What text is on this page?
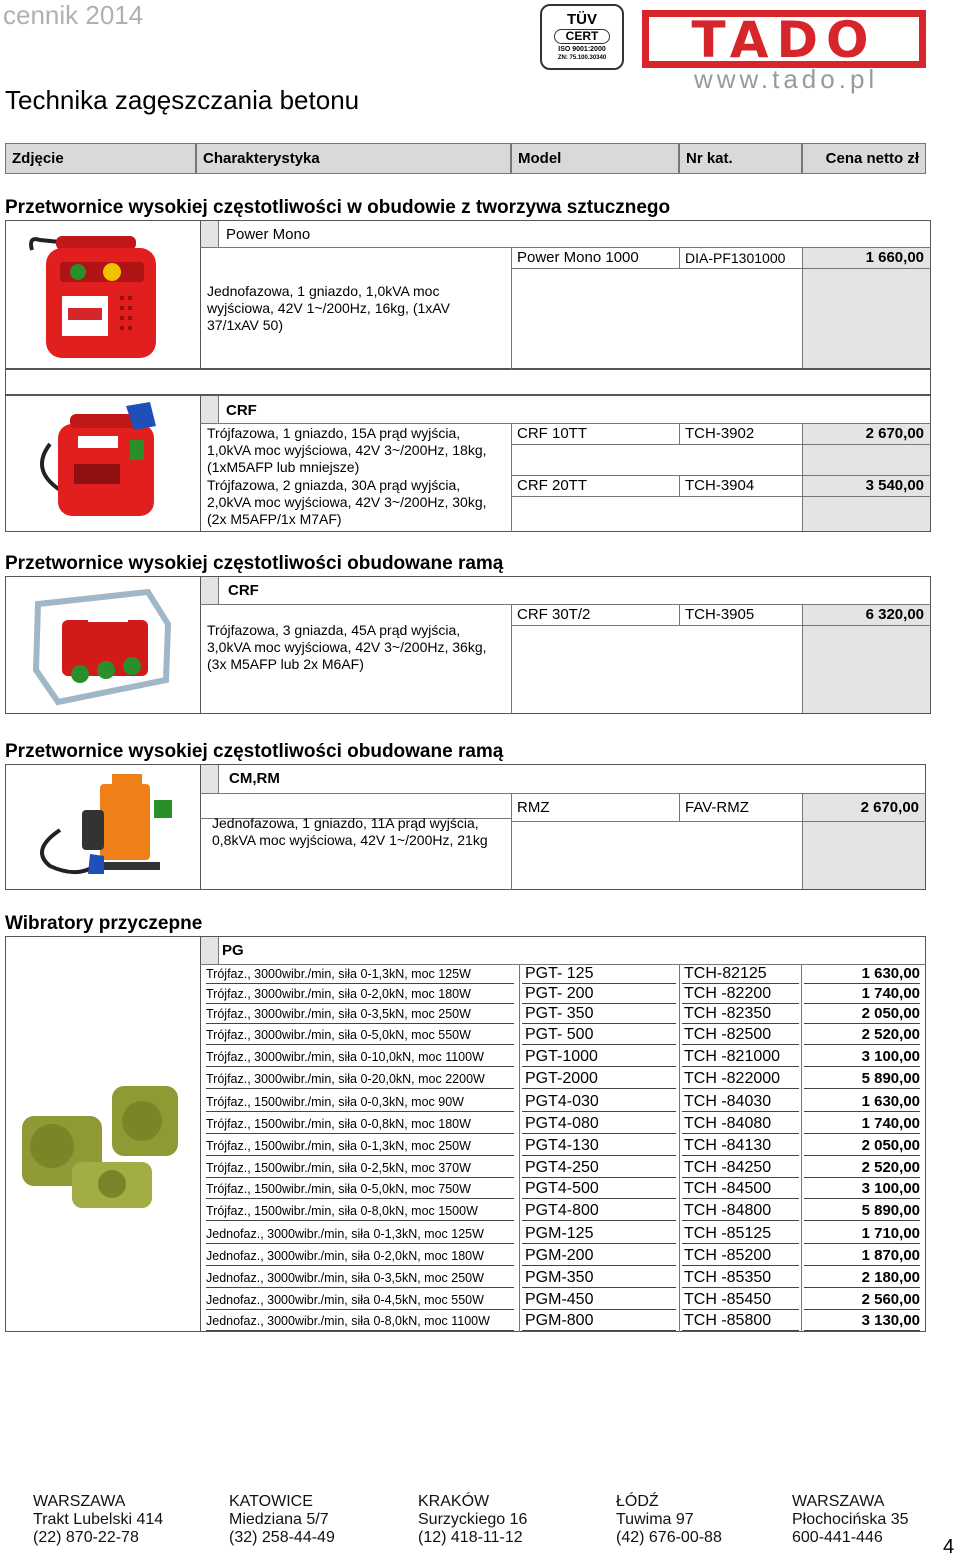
cennik 2014
Technika zagęszczania betonu
TÜV
CERT
ISO 9001:2000
ZN: 75.100.30340	TADO
www.tado.pl
Zdjęcie	Charakterystyka	Model	Nr kat.	Cena netto zł
Przetwornice wysokiej częstotliwości w obudowie z tworzywa sztucznego
Power Mono
Power Mono 1000	DIA-PF1301000	1 660,00
Jednofazowa, 1 gniazdo, 1,0kVA moc wyjściowa, 42V 1~/200Hz, 16kg, (1xAV 37/1xAV 50)
CRF
CRF 10TT	TCH-3902	2 670,00
CRF 20TT	TCH-3904	3 540,00
Trójfazowa, 1 gniazdo, 15A prąd wyjścia, 1,0kVA moc wyjściowa, 42V 3~/200Hz, 18kg, (1xM5AFP lub mniejsze)
Trójfazowa, 2 gniazda, 30A prąd wyjścia, 2,0kVA moc wyjściowa, 42V 3~/200Hz, 30kg, (2x M5AFP/1x M7AF)
Przetwornice wysokiej częstotliwości obudowane ramą
CRF
CRF 30T/2	TCH-3905	6 320,00
Trójfazowa, 3 gniazda, 45A prąd wyjścia, 3,0kVA moc wyjściowa, 42V 3~/200Hz, 36kg, (3x M5AFP lub 2x M6AF)
Przetwornice wysokiej częstotliwości obudowane ramą
CM,RM
RMZ	FAV-RMZ	2 670,00
Jednofazowa, 1 gniazdo, 11A prąd wyjścia, 0,8kVA moc wyjściowa, 42V 1~/200Hz, 21kg
Wibratory przyczepne
PG
Trójfaz., 3000wibr./min, siła 0-1,3kN, moc 125W	PGT- 125	TCH-82125	1 630,00
Trójfaz., 3000wibr./min, siła 0-2,0kN, moc 180W	PGT- 200	TCH -82200	1 740,00
Trójfaz., 3000wibr./min, siła 0-3,5kN, moc 250W	PGT- 350	TCH -82350	2 050,00
Trójfaz., 3000wibr./min, siła 0-5,0kN, moc 550W	PGT- 500	TCH -82500	2 520,00
Trójfaz., 3000wibr./min, siła 0-10,0kN, moc 1100W	PGT-1000	TCH -821000	3 100,00
Trójfaz., 3000wibr./min, siła 0-20,0kN, moc 2200W	PGT-2000	TCH -822000	5 890,00
Trójfaz., 1500wibr./min, siła 0-0,3kN, moc 90W	PGT4-030	TCH -84030	1 630,00
Trójfaz., 1500wibr./min, siła 0-0,8kN, moc 180W	PGT4-080	TCH -84080	1 740,00
Trójfaz., 1500wibr./min, siła 0-1,3kN, moc 250W	PGT4-130	TCH -84130	2 050,00
Trójfaz., 1500wibr./min, siła 0-2,5kN, moc 370W	PGT4-250	TCH -84250	2 520,00
Trójfaz., 1500wibr./min, siła 0-5,0kN, moc 750W	PGT4-500	TCH -84500	3 100,00
Trójfaz., 1500wibr./min, siła 0-8,0kN, moc 1500W	PGT4-800	TCH -84800	5 890,00
Jednofaz., 3000wibr./min, siła 0-1,3kN, moc 125W	PGM-125	TCH -85125	1 710,00
Jednofaz., 3000wibr./min, siła 0-2,0kN, moc 180W	PGM-200	TCH -85200	1 870,00
Jednofaz., 3000wibr./min, siła 0-3,5kN, moc 250W	PGM-350	TCH -85350	2 180,00
Jednofaz., 3000wibr./min, siła 0-4,5kN, moc 550W	PGM-450	TCH -85450	2 560,00
Jednofaz., 3000wibr./min, siła 0-8,0kN, moc 1100W PGM-800	TCH -85800	3 130,00
WARSZAWA
Trakt Lubelski 414
(22) 870-22-78
KATOWICE
Miedziana 5/7
(32) 258-44-49
KRAKÓW
Surzyckiego 16
(12) 418-11-12
ŁÓDŹ
Tuwima 97
(42) 676-00-88
WARSZAWA
Płochocińska 35
600-441-446	4
